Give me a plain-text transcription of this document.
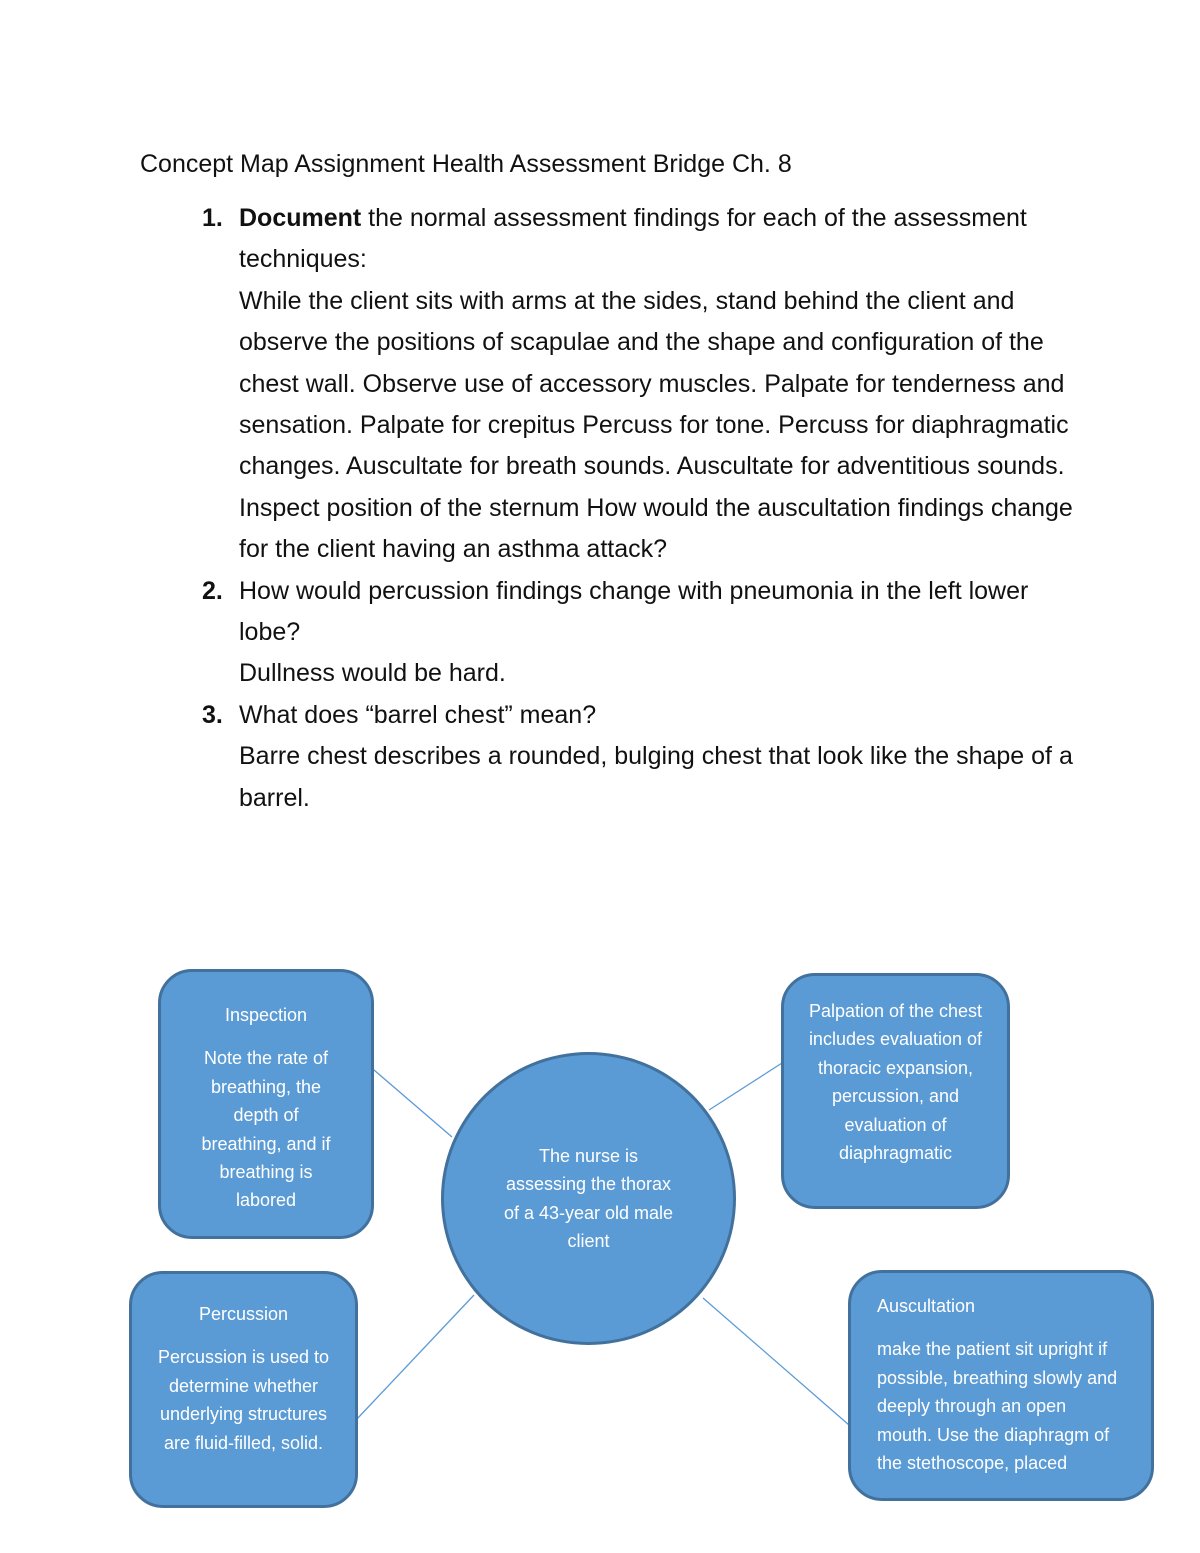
Concept Map Assignment Health Assessment Bridge Ch. 8
1. Document the normal assessment findings for each of the assessment techniques:

While the client sits with arms at the sides, stand behind the client and observe the positions of scapulae and the shape and configuration of the chest wall. Observe use of accessory muscles. Palpate for tenderness and sensation. Palpate for crepitus Percuss for tone. Percuss for diaphragmatic changes. Auscultate for breath sounds. Auscultate for adventitious sounds. Inspect position of the sternum How would the auscultation findings change for the client having an asthma attack?

2. How would percussion findings change with pneumonia in the left lower lobe?

Dullness would be hard.

3. What does “barrel chest” mean?

Barre chest describes a rounded, bulging chest that look like the shape of a barrel.

Inspection

Note the rate of breathing, the depth of breathing, and if breathing is labored

Palpation of the chest includes evaluation of thoracic expansion, percussion, and evaluation of diaphragmatic

The nurse is assessing the thorax of a 43-year old male client

Percussion

Percussion is used to determine whether underlying structures are fluid-filled, solid.

Auscultation

make the patient sit upright if possible, breathing slowly and deeply through an open mouth. Use the diaphragm of the stethoscope, placed
